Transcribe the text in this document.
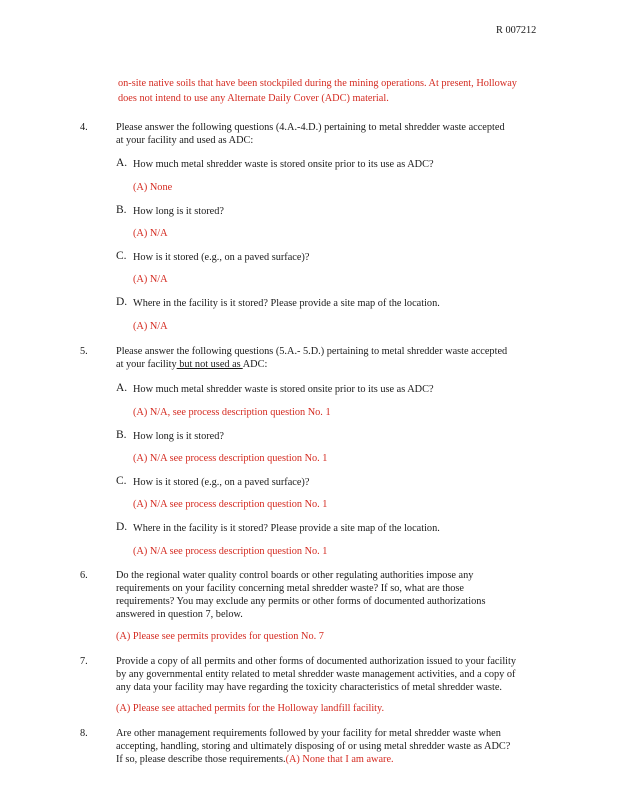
R 007212
on-site native soils that have been stockpiled during the mining operations. At present, Holloway
does not intend to use any Alternate Daily Cover (ADC) material.
4.	Please answer the following questions (4.A.-4.D.) pertaining to metal shredder waste accepted
at your facility and used as ADC:
A. How much metal shredder waste is stored onsite prior to its use as ADC?
(A) None
B. How long is it stored?
(A) N/A
C. How is it stored (e.g., on a paved surface)?
(A) N/A
D. Where in the facility is it stored? Please provide a site map of the location.
(A) N/A
5.	Please answer the following questions (5.A.- 5.D.) pertaining to metal shredder waste accepted
at your facility but not used as ADC:
A. How much metal shredder waste is stored onsite prior to its use as ADC?
(A) N/A, see process description question No. 1
B. How long is it stored?
(A) N/A see process description question No. 1
C. How is it stored (e.g., on a paved surface)?
(A) N/A see process description question No. 1
D. Where in the facility is it stored? Please provide a site map of the location.
(A) N/A see process description question No. 1
6.	Do the regional water quality control boards or other regulating authorities impose any
requirements on your facility concerning metal shredder waste? If so, what are those
requirements? You may exclude any permits or other forms of documented authorizations
answered in question 7, below.
(A) Please see permits provides for question No. 7
7.	Provide a copy of all permits and other forms of documented authorization issued to your facility
by any governmental entity related to metal shredder waste management activities, and a copy of
any data your facility may have regarding the toxicity characteristics of metal shredder waste.
(A) Please see attached permits for the Holloway landfill facility.
8.	Are other management requirements followed by your facility for metal shredder waste when
accepting, handling, storing and ultimately disposing of or using metal shredder waste as ADC?
If so, please describe those requirements.(A) None that I am aware.
